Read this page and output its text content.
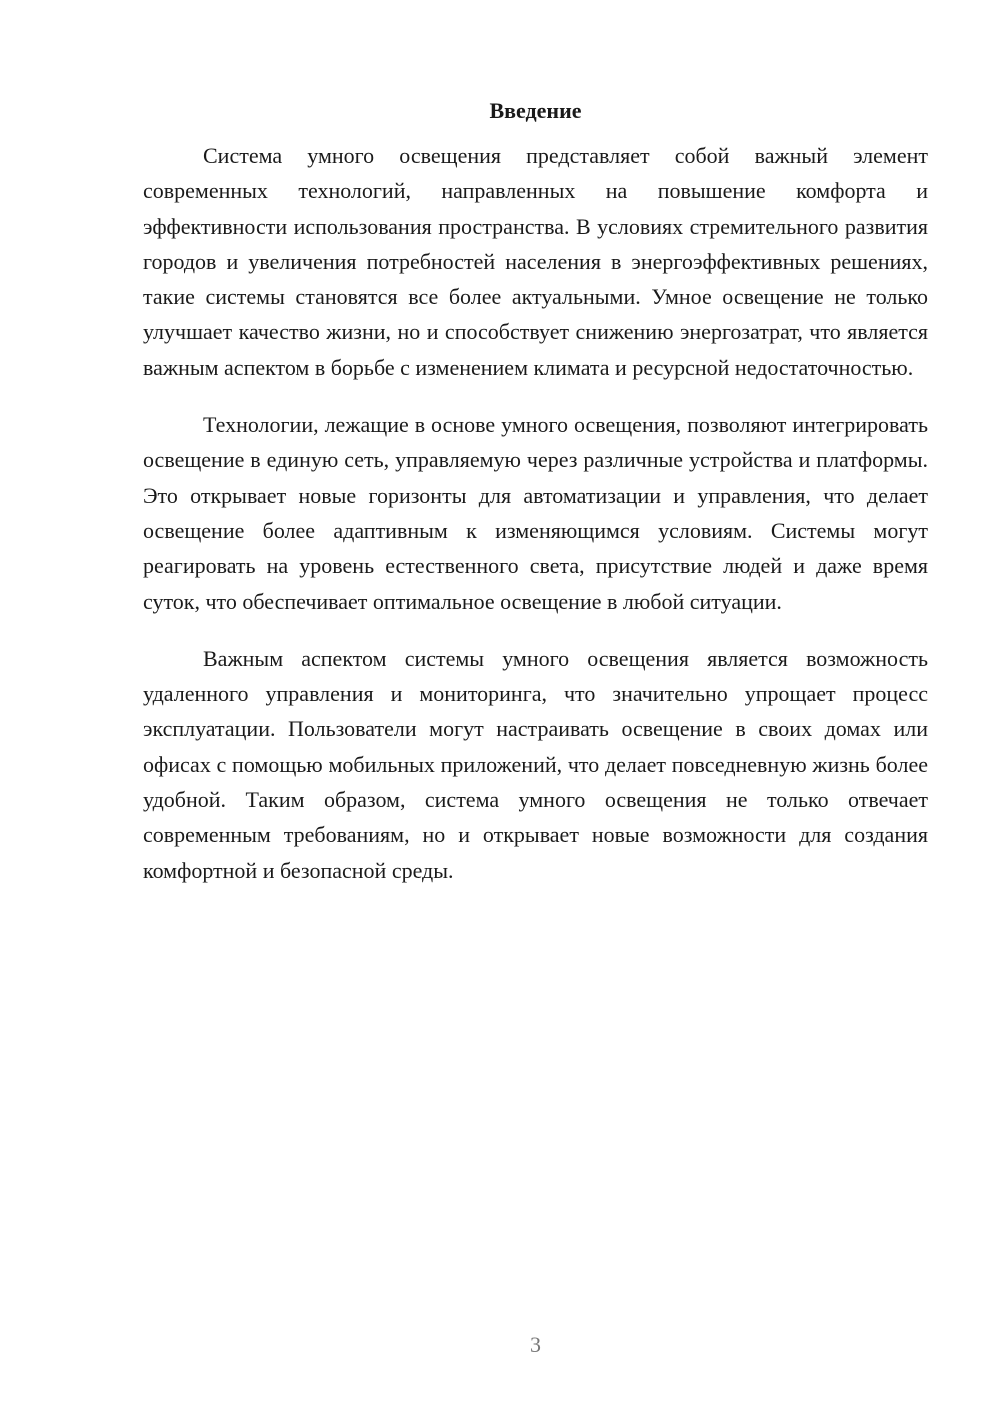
Введение

Система умного освещения представляет собой важный элемент современных технологий, направленных на повышение комфорта и эффективности использования пространства. В условиях стремительного развития городов и увеличения потребностей населения в энергоэффективных решениях, такие системы становятся все более актуальными. Умное освещение не только улучшает качество жизни, но и способствует снижению энергозатрат, что является важным аспектом в борьбе с изменением климата и ресурсной недостаточностью.

Технологии, лежащие в основе умного освещения, позволяют интегрировать освещение в единую сеть, управляемую через различные устройства и платформы. Это открывает новые горизонты для автоматизации и управления, что делает освещение более адаптивным к изменяющимся условиям. Системы могут реагировать на уровень естественного света, присутствие людей и даже время суток, что обеспечивает оптимальное освещение в любой ситуации.

Важным аспектом системы умного освещения является возможность удаленного управления и мониторинга, что значительно упрощает процесс эксплуатации. Пользователи могут настраивать освещение в своих домах или офисах с помощью мобильных приложений, что делает повседневную жизнь более удобной. Таким образом, система умного освещения не только отвечает современным требованиям, но и открывает новые возможности для создания комфортной и безопасной среды.

3
